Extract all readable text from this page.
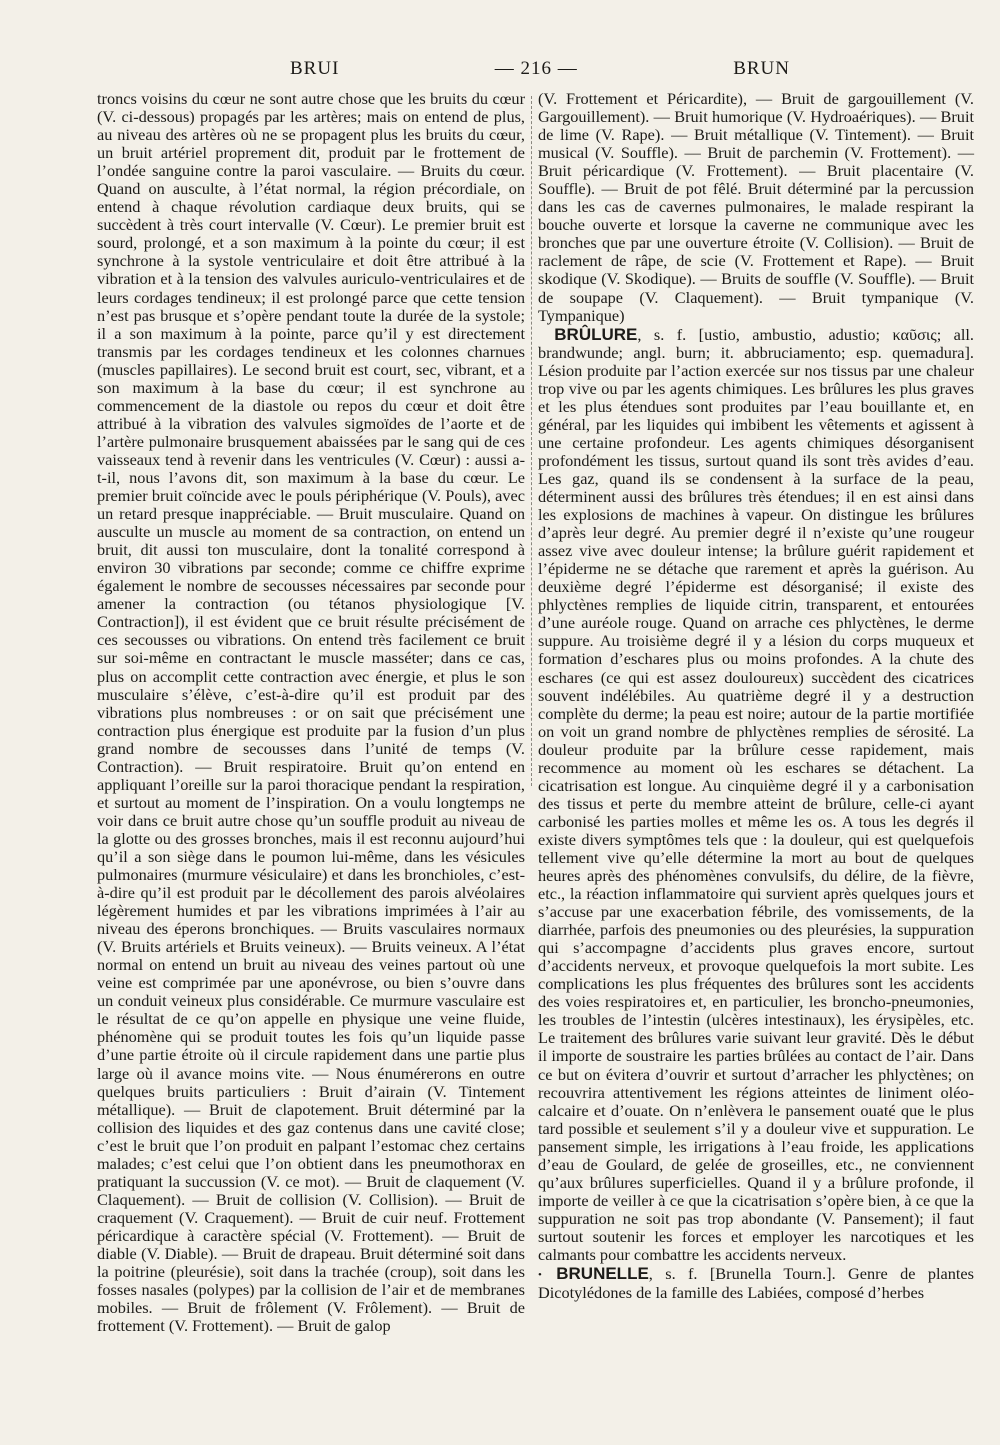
BRUI	— 216 —	BRUN

troncs voisins du cœur ne sont autre chose que les bruits du cœur (V. ci-dessous) propagés par les artères; mais on entend de plus, au niveau des artères où ne se propagent plus les bruits du cœur, un bruit artériel proprement dit, produit par le frottement de l’ondée sanguine contre la paroi vasculaire. — Bruits du cœur. Quand on ausculte, à l’état normal, la région précordiale, on entend à chaque révolution cardiaque deux bruits, qui se succèdent à très court intervalle (V. Cœur). Le premier bruit est sourd, prolongé, et a son maximum à la pointe du cœur; il est synchrone à la systole ventriculaire et doit être attribué à la vibration et à la tension des valvules auriculo-ventriculaires et de leurs cordages tendineux; il est prolongé parce que cette tension n’est pas brusque et s’opère pendant toute la durée de la systole; il a son maximum à la pointe, parce qu’il y est directement transmis par les cordages tendineux et les colonnes charnues (muscles papillaires). Le second bruit est court, sec, vibrant, et a son maximum à la base du cœur; il est synchrone au commencement de la diastole ou repos du cœur et doit être attribué à la vibration des valvules sigmoïdes de l’aorte et de l’artère pulmonaire brusquement abaissées par le sang qui de ces vaisseaux tend à revenir dans les ventricules (V. Cœur) : aussi a-t-il, nous l’avons dit, son maximum à la base du cœur. Le premier bruit coïncide avec le pouls périphérique (V. Pouls), avec un retard presque inappréciable. — Bruit musculaire. Quand on ausculte un muscle au moment de sa contraction, on entend un bruit, dit aussi ton musculaire, dont la tonalité correspond à environ 30 vibrations par seconde; comme ce chiffre exprime également le nombre de secousses nécessaires par seconde pour amener la contraction (ou tétanos physiologique [V. Contraction]), il est évident que ce bruit résulte précisément de ces secousses ou vibrations. On entend très facilement ce bruit sur soi-même en contractant le muscle masséter; dans ce cas, plus on accomplit cette contraction avec énergie, et plus le son musculaire s’élève, c’est-à-dire qu’il est produit par des vibrations plus nombreuses : or on sait que précisément une contraction plus énergique est produite par la fusion d’un plus grand nombre de secousses dans l’unité de temps (V. Contraction). — Bruit respiratoire. Bruit qu’on entend en appliquant l’oreille sur la paroi thoracique pendant la respiration, et surtout au moment de l’inspiration. On a voulu longtemps ne voir dans ce bruit autre chose qu’un souffle produit au niveau de la glotte ou des grosses bronches, mais il est reconnu aujourd’hui qu’il a son siège dans le poumon lui-même, dans les vésicules pulmonaires (murmure vésiculaire) et dans les bronchioles, c’est-à-dire qu’il est produit par le décollement des parois alvéolaires légèrement humides et par les vibrations imprimées à l’air au niveau des éperons bronchiques. — Bruits vasculaires normaux (V. Bruits artériels et Bruits veineux). — Bruits veineux. A l’état normal on entend un bruit au niveau des veines partout où une veine est comprimée par une aponévrose, ou bien s’ouvre dans un conduit veineux plus considérable. Ce murmure vasculaire est le résultat de ce qu’on appelle en physique une veine fluide, phénomène qui se produit toutes les fois qu’un liquide passe d’une partie étroite où il circule rapidement dans une partie plus large où il avance moins vite. — Nous énumérerons en outre quelques bruits particuliers : Bruit d’airain (V. Tintement métallique). — Bruit de clapotement. Bruit déterminé par la collision des liquides et des gaz contenus dans une cavité close; c’est le bruit que l’on produit en palpant l’estomac chez certains malades; c’est celui que l’on obtient dans les pneumothorax en pratiquant la succussion (V. ce mot). — Bruit de claquement (V. Claquement). — Bruit de collision (V. Collision). — Bruit de craquement (V. Craquement). — Bruit de cuir neuf. Frottement péricardique à caractère spécial (V. Frottement). — Bruit de diable (V. Diable). — Bruit de drapeau. Bruit déterminé soit dans la poitrine (pleurésie), soit dans la trachée (croup), soit dans les fosses nasales (polypes) par la collision de l’air et de membranes mobiles. — Bruit de frôlement (V. Frôlement). — Bruit de frottement (V. Frottement). — Bruit de galop

(V. Frottement et Péricardite), — Bruit de gargouillement (V. Gargouillement). — Bruit humorique (V. Hydroaériques). — Bruit de lime (V. Rape). — Bruit métallique (V. Tintement). — Bruit musical (V. Souffle). — Bruit de parchemin (V. Frottement). — Bruit péricardique (V. Frottement). — Bruit placentaire (V. Souffle). — Bruit de pot fêlé. Bruit déterminé par la percussion dans les cas de cavernes pulmonaires, le malade respirant la bouche ouverte et lorsque la caverne ne communique avec les bronches que par une ouverture étroite (V. Collision). — Bruit de raclement de râpe, de scie (V. Frottement et Rape). — Bruit skodique (V. Skodique). — Bruits de souffle (V. Souffle). — Bruit de soupape (V. Claquement). — Bruit tympanique (V. Tympanique)

 BRÛLURE, s. f. [ustio, ambustio, adustio; καῦσις; all. brandwunde; angl. burn; it. abbruciamento; esp. quemadura]. Lésion produite par l’action exercée sur nos tissus par une chaleur trop vive ou par les agents chimiques. Les brûlures les plus graves et les plus étendues sont produites par l’eau bouillante et, en général, par les liquides qui imbibent les vêtements et agissent à une certaine profondeur. Les agents chimiques désorganisent profondément les tissus, surtout quand ils sont très avides d’eau. Les gaz, quand ils se condensent à la surface de la peau, déterminent aussi des brûlures très étendues; il en est ainsi dans les explosions de machines à vapeur. On distingue les brûlures d’après leur degré. Au premier degré il n’existe qu’une rougeur assez vive avec douleur intense; la brûlure guérit rapidement et l’épiderme ne se détache que rarement et après la guérison. Au deuxième degré l’épiderme est désorganisé; il existe des phlyctènes remplies de liquide citrin, transparent, et entourées d’une auréole rouge. Quand on arrache ces phlyctènes, le derme suppure. Au troisième degré il y a lésion du corps muqueux et formation d’eschares plus ou moins profondes. A la chute des eschares (ce qui est assez douloureux) succèdent des cicatrices souvent indélébiles. Au quatrième degré il y a destruction complète du derme; la peau est noire; autour de la partie mortifiée on voit un grand nombre de phlyctènes remplies de sérosité. La douleur produite par la brûlure cesse rapidement, mais recommence au moment où les eschares se détachent. La cicatrisation est longue. Au cinquième degré il y a carbonisation des tissus et perte du membre atteint de brûlure, celle-ci ayant carbonisé les parties molles et même les os. A tous les degrés il existe divers symptômes tels que : la douleur, qui est quelquefois tellement vive qu’elle détermine la mort au bout de quelques heures après des phénomènes convulsifs, du délire, de la fièvre, etc., la réaction inflammatoire qui survient après quelques jours et s’accuse par une exacerbation fébrile, des vomissements, de la diarrhée, parfois des pneumonies ou des pleurésies, la suppuration qui s’accompagne d’accidents plus graves encore, surtout d’accidents nerveux, et provoque quelquefois la mort subite. Les complications les plus fréquentes des brûlures sont les accidents des voies respiratoires et, en particulier, les broncho-pneumonies, les troubles de l’intestin (ulcères intestinaux), les érysipèles, etc. Le traitement des brûlures varie suivant leur gravité. Dès le début il importe de soustraire les parties brûlées au contact de l’air. Dans ce but on évitera d’ouvrir et surtout d’arracher les phlyctènes; on recouvrira attentivement les régions atteintes de liniment oléo-calcaire et d’ouate. On n’enlèvera le pansement ouaté que le plus tard possible et seulement s’il y a douleur vive et suppuration. Le pansement simple, les irrigations à l’eau froide, les applications d’eau de Goulard, de gelée de groseilles, etc., ne conviennent qu’aux brûlures superficielles. Quand il y a brûlure profonde, il importe de veiller à ce que la cicatrisation s’opère bien, à ce que la suppuration ne soit pas trop abondante (V. Pansement); il faut surtout soutenir les forces et employer les narcotiques et les calmants pour combattre les accidents nerveux.

• BRUNELLE, s. f. [Brunella Tourn.]. Genre de plantes Dicotylédones de la famille des Labiées, composé d’herbes
